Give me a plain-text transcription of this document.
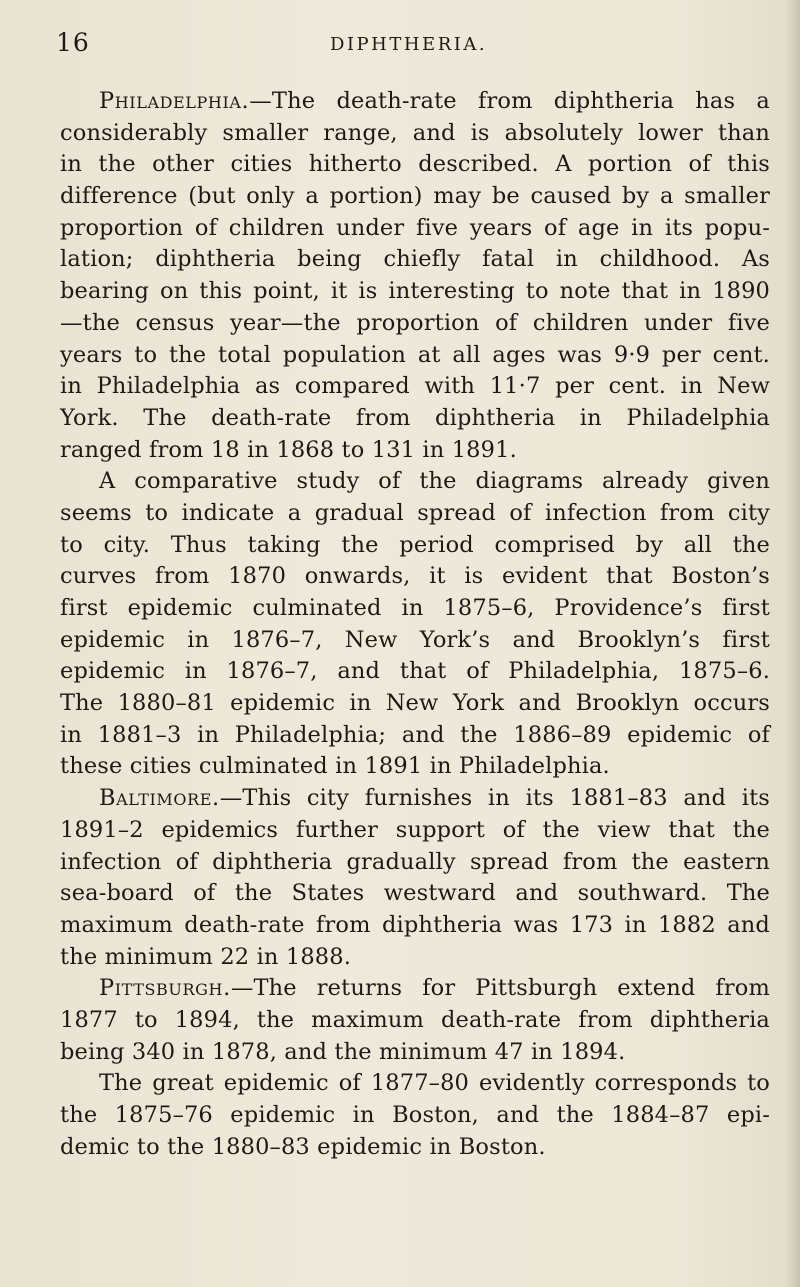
16	DIPHTHERIA.
Philadelphia.—The death-rate from diphtheria has a
considerably smaller range, and is absolutely lower than
in the other cities hitherto described. A portion of this
difference (but only a portion) may be caused by a smaller
proportion of children under five years of age in its popu-
lation; diphtheria being chiefly fatal in childhood. As
bearing on this point, it is interesting to note that in 1890
—the census year—the proportion of children under five
years to the total population at all ages was 9·9 per cent.
in Philadelphia as compared with 11·7 per cent. in New
York. The death-rate from diphtheria in Philadelphia
ranged from 18 in 1868 to 131 in 1891.
A comparative study of the diagrams already given
seems to indicate a gradual spread of infection from city
to city. Thus taking the period comprised by all the
curves from 1870 onwards, it is evident that Boston’s
first epidemic culminated in 1875–6, Providence’s first
epidemic in 1876–7, New York’s and Brooklyn’s first
epidemic in 1876–7, and that of Philadelphia, 1875–6.
The 1880–81 epidemic in New York and Brooklyn occurs
in 1881–3 in Philadelphia; and the 1886–89 epidemic of
these cities culminated in 1891 in Philadelphia.
Baltimore.—This city furnishes in its 1881–83 and its
1891–2 epidemics further support of the view that the
infection of diphtheria gradually spread from the eastern
sea-board of the States westward and southward. The
maximum death-rate from diphtheria was 173 in 1882 and
the minimum 22 in 1888.
Pittsburgh.—The returns for Pittsburgh extend from
1877 to 1894, the maximum death-rate from diphtheria
being 340 in 1878, and the minimum 47 in 1894.
The great epidemic of 1877–80 evidently corresponds to
the 1875–76 epidemic in Boston, and the 1884–87 epi-
demic to the 1880–83 epidemic in Boston.
